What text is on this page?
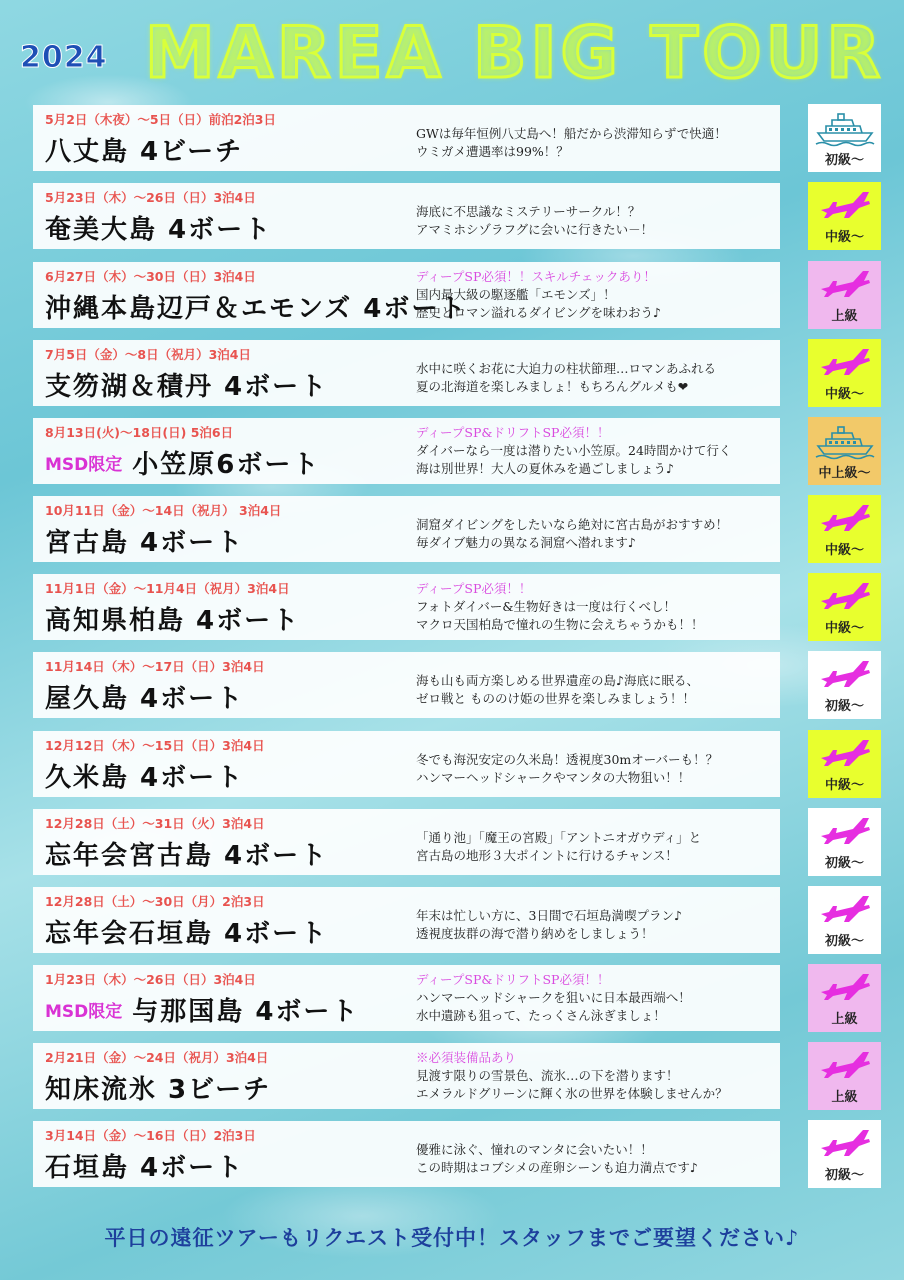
2024 MAREA BIG TOUR
5月2日（木夜）～5日（日）前泊2泊3日
八丈島 4ビーチ
GWは毎年恒例八丈島へ！船だから渋滞知らずで快適！
ウミガメ遭遇率は99%！？
初級～
5月23日（木）～26日（日）3泊4日
奄美大島 4ボート
海底に不思議なミステリーサークル！？
アマミホシゾラフグに会いに行きたい－！	中級～
6月27日（木）～30日（日）3泊4日
沖縄本島辺戸＆エモンズ 4ボート
ディープSP必須！！スキルチェックあり！
国内最大級の駆逐艦「エモンズ」！
歴史とロマン溢れるダイビングを味わおう♪	上級
7月5日（金）～8日（祝月）3泊4日
支笏湖＆積丹 4ボート
水中に咲くお花に大迫力の柱状節理…ロマンあふれる
夏の北海道を楽しみましょ！もちろんグルメも❤	中級～
8月13日(火)～18日(日) 5泊6日
MSD限定 小笠原6ボート
ディープSP&ドリフトSP必須！！
ダイバーなら一度は潜りたい小笠原。24時間かけて行く
海は別世界！大人の夏休みを過ごしましょう♪	中上級～
10月11日（金）～14日（祝月） 3泊4日
宮古島 4ボート
洞窟ダイビングをしたいなら絶対に宮古島がおすすめ！
毎ダイブ魅力の異なる洞窟へ潜れます♪	中級～
11月1日（金）～11月4日（祝月）3泊4日
高知県柏島 4ボート
ディープSP必須！！
フォトダイバー&生物好きは一度は行くべし！
マクロ天国柏島で憧れの生物に会えちゃうかも！！	中級～
11月14日（木）～17日（日）3泊4日
屋久島 4ボート
海も山も両方楽しめる世界遺産の島♪海底に眠る、
ゼロ戦と もののけ姫の世界を楽しみましょう！！	初級～
12月12日（木）～15日（日）3泊4日
久米島 4ボート
冬でも海況安定の久米島！透視度30mオーバーも！？
ハンマーヘッドシャークやマンタの大物狙い！！	中級～
12月28日（土）～31日（火）3泊4日
忘年会宮古島 4ボート
「通り池」「魔王の宮殿」「アントニオガウディ」と
宮古島の地形３大ポイントに行けるチャンス！	初級～
12月28日（土）～30日（月）2泊3日
忘年会石垣島 4ボート
年末は忙しい方に、3日間で石垣島満喫プラン♪
透視度抜群の海で潜り納めをしましょう！	初級～
1月23日（木）～26日（日）3泊4日
MSD限定 与那国島 4ボート
ディープSP&ドリフトSP必須！！
ハンマーヘッドシャークを狙いに日本最西端へ！
水中遺跡も狙って、たっくさん泳ぎましょ！	上級
2月21日（金）～24日（祝月）3泊4日
知床流氷 3ビーチ
※必須装備品あり
見渡す限りの雪景色、流氷…の下を潜ります！
エメラルドグリーンに輝く氷の世界を体験しませんか？	上級
3月14日（金）～16日（日）2泊3日
石垣島 4ボート
優雅に泳ぐ、憧れのマンタに会いたい！！
この時期はコブシメの産卵シーンも迫力満点です♪	初級～
平日の遠征ツアーもリクエスト受付中！スタッフまでご要望ください♪
